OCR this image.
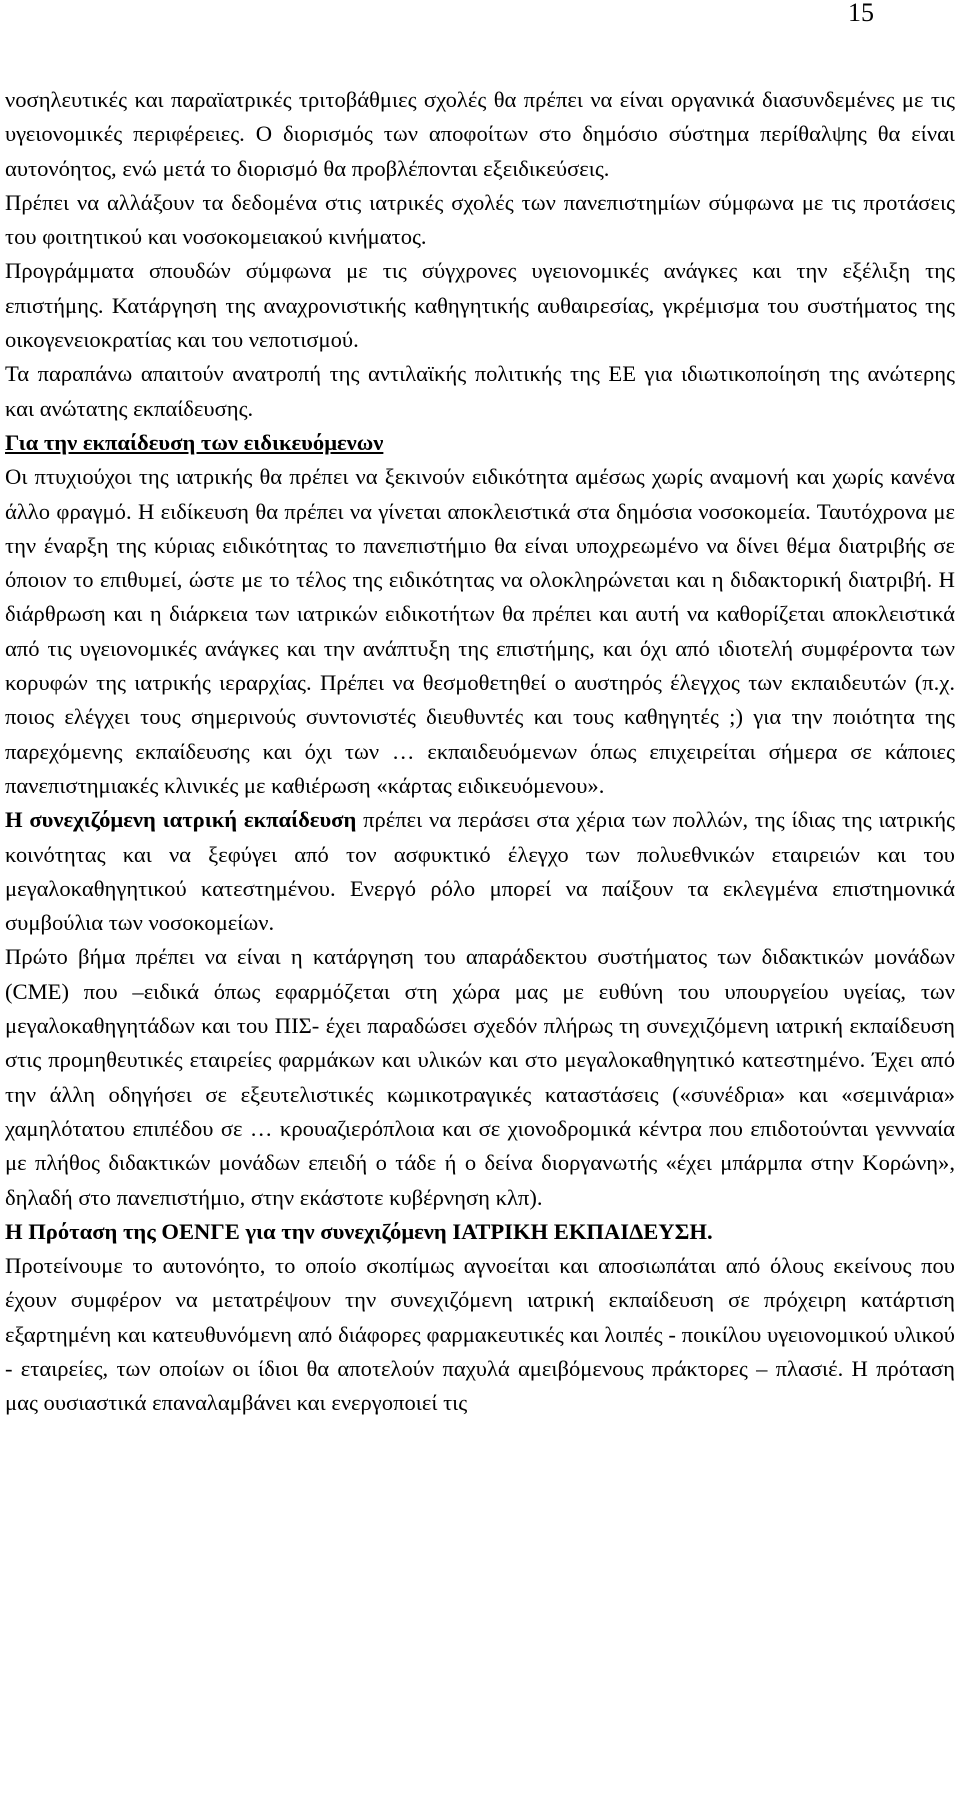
15

νοσηλευτικές και παραϊατρικές τριτοβάθμιες σχολές θα πρέπει να είναι οργανικά διασυνδεμένες με τις υγειονομικές περιφέρειες. Ο διορισμός των αποφοίτων στο δημόσιο σύστημα περίθαλψης θα είναι αυτονόητος, ενώ μετά το διορισμό θα προβλέπονται εξειδικεύσεις.

Πρέπει να αλλάξουν τα δεδομένα στις ιατρικές σχολές των πανεπιστημίων σύμφωνα με τις προτάσεις του φοιτητικού και νοσοκομειακού κινήματος.

Προγράμματα σπουδών σύμφωνα με τις σύγχρονες υγειονομικές ανάγκες και την εξέλιξη της επιστήμης. Κατάργηση της αναχρονιστικής καθηγητικής αυθαιρεσίας, γκρέμισμα του συστήματος της οικογενειοκρατίας και του νεποτισμού.

Τα παραπάνω απαιτούν ανατροπή της αντιλαϊκής πολιτικής της ΕΕ για ιδιωτικοποίηση της ανώτερης και ανώτατης εκπαίδευσης.

Για την εκπαίδευση των ειδικευόμενων

Οι πτυχιούχοι της ιατρικής θα πρέπει να ξεκινούν ειδικότητα αμέσως χωρίς αναμονή και χωρίς κανένα άλλο φραγμό. Η ειδίκευση θα πρέπει να γίνεται αποκλειστικά στα δημόσια νοσοκομεία. Ταυτόχρονα με την έναρξη της κύριας ειδικότητας το πανεπιστήμιο θα είναι υποχρεωμένο να δίνει θέμα διατριβής σε όποιον το επιθυμεί, ώστε με το τέλος της ειδικότητας να ολοκληρώνεται και η διδακτορική διατριβή. Η διάρθρωση και η διάρκεια των ιατρικών ειδικοτήτων θα πρέπει και αυτή να καθορίζεται αποκλειστικά από τις υγειονομικές ανάγκες και την ανάπτυξη της επιστήμης, και όχι από ιδιοτελή συμφέροντα των κορυφών της ιατρικής ιεραρχίας. Πρέπει να θεσμοθετηθεί ο αυστηρός έλεγχος των εκπαιδευτών (π.χ. ποιος ελέγχει τους σημερινούς συντονιστές διευθυντές και τους καθηγητές ;) για την ποιότητα της παρεχόμενης εκπαίδευσης και όχι των … εκπαιδευόμενων όπως επιχειρείται σήμερα σε κάποιες πανεπιστημιακές κλινικές με καθιέρωση «κάρτας ειδικευόμενου».

Η συνεχιζόμενη ιατρική εκπαίδευση πρέπει να περάσει στα χέρια των πολλών, της ίδιας της ιατρικής κοινότητας και να ξεφύγει από τον ασφυκτικό έλεγχο των πολυεθνικών εταιρειών και του μεγαλοκαθηγητικού κατεστημένου. Ενεργό ρόλο μπορεί να παίξουν τα εκλεγμένα επιστημονικά συμβούλια των νοσοκομείων.

Πρώτο βήμα πρέπει να είναι η κατάργηση του απαράδεκτου συστήματος των διδακτικών μονάδων (CME) που –ειδικά όπως εφαρμόζεται στη χώρα μας με ευθύνη του υπουργείου υγείας, των μεγαλοκαθηγητάδων και του ΠΙΣ- έχει παραδώσει σχεδόν πλήρως τη συνεχιζόμενη ιατρική εκπαίδευση στις προμηθευτικές εταιρείες φαρμάκων και υλικών και στο μεγαλοκαθηγητικό κατεστημένο. Έχει από την άλλη οδηγήσει σε εξευτελιστικές κωμικοτραγικές καταστάσεις («συνέδρια» και «σεμινάρια» χαμηλότατου επιπέδου σε … κρουαζιερόπλοια και σε χιονοδρομικά κέντρα που επιδοτούνται γεννναία με πλήθος διδακτικών μονάδων επειδή ο τάδε ή ο δείνα διοργανωτής «έχει μπάρμπα στην Κορώνη», δηλαδή στο πανεπιστήμιο, στην εκάστοτε κυβέρνηση κλπ).

Η Πρόταση της ΟΕΝΓΕ για την συνεχιζόμενη ΙΑΤΡΙΚΗ ΕΚΠΑΙΔΕΥΣΗ.

Προτείνουμε το αυτονόητο, το οποίο σκοπίμως αγνοείται και αποσιωπάται από όλους εκείνους που έχουν συμφέρον να μετατρέψουν την συνεχιζόμενη ιατρική εκπαίδευση σε πρόχειρη κατάρτιση εξαρτημένη και κατευθυνόμενη από διάφορες φαρμακευτικές και λοιπές - ποικίλου υγειονομικού υλικού - εταιρείες, των οποίων οι ίδιοι θα αποτελούν παχυλά αμειβόμενους πράκτορες – πλασιέ. Η πρόταση μας ουσιαστικά επαναλαμβάνει και ενεργοποιεί τις
